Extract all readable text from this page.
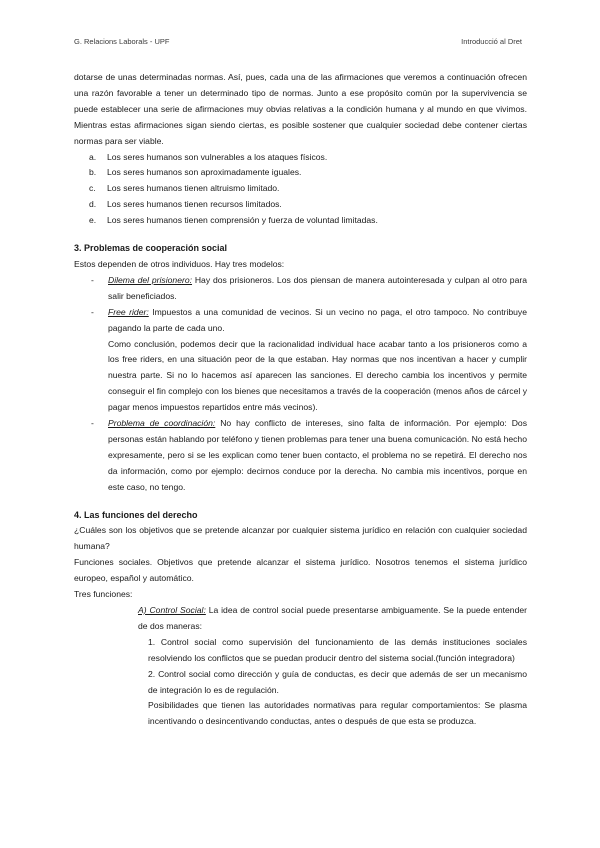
G. Relacions Laborals - UPF	Introducció al Dret

dotarse de unas determinadas normas. Así, pues, cada una de las afirmaciones que veremos a continuación ofrecen una razón favorable a tener un determinado tipo de normas. Junto a ese propósito común por la supervivencia se puede establecer una serie de afirmaciones muy obvias relativas a la condición humana y al mundo en que vivimos. Mientras estas afirmaciones sigan siendo ciertas, es posible sostener que cualquier sociedad debe contener ciertas normas para ser viable.

a. Los seres humanos son vulnerables a los ataques físicos.
b. Los seres humanos son aproximadamente iguales.
c. Los seres humanos tienen altruismo limitado.
d. Los seres humanos tienen recursos limitados.
e. Los seres humanos tienen comprensión y fuerza de voluntad limitadas.
3. Problemas de cooperación social

Estos dependen de otros individuos. Hay tres modelos:

- Dilema del prisionero: Hay dos prisioneros. Los dos piensan de manera autointeresada y culpan al otro para salir beneficiados.
- Free rider: Impuestos a una comunidad de vecinos. Si un vecino no paga, el otro tampoco. No contribuye pagando la parte de cada uno.

Como conclusión, podemos decir que la racionalidad individual hace acabar tanto a los prisioneros como a los free riders, en una situación peor de la que estaban. Hay normas que nos incentivan a hacer y cumplir nuestra parte. Si no lo hacemos así aparecen las sanciones. El derecho cambia los incentivos y permite conseguir el fin complejo con los bienes que necesitamos a través de la cooperación (menos años de cárcel y pagar menos impuestos repartidos entre más vecinos).

- Problema de coordinación: No hay conflicto de intereses, sino falta de información. Por ejemplo: Dos personas están hablando por teléfono y tienen problemas para tener una buena comunicación. No está hecho expresamente, pero si se les explican como tener buen contacto, el problema no se repetirá. El derecho nos da información, como por ejemplo: decirnos conduce por la derecha. No cambia mis incentivos, porque en este caso, no tengo.
4. Las funciones del derecho

¿Cuáles son los objetivos que se pretende alcanzar por cualquier sistema jurídico en relación con cualquier sociedad humana?

Funciones sociales. Objetivos que pretende alcanzar el sistema jurídico. Nosotros tenemos el sistema jurídico europeo, español y automático.

Tres funciones:

A) Control Social: La idea de control social puede presentarse ambiguamente. Se la puede entender de dos maneras:

1. Control social como supervisión del funcionamiento de las demás instituciones sociales resolviendo los conflictos que se puedan producir dentro del sistema social.(función integradora)

2. Control social como dirección y guía de conductas, es decir que además de ser un mecanismo de integración lo es de regulación.

Posibilidades que tienen las autoridades normativas para regular comportamientos: Se plasma incentivando o desincentivando conductas, antes o después de que esta se produzca.
